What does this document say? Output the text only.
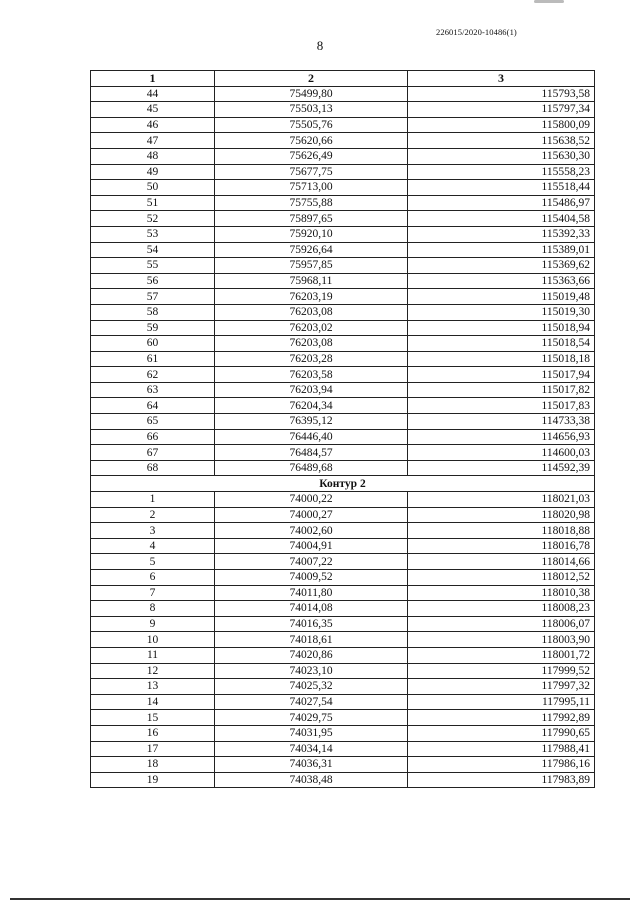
226015/2020-10486(1)
8
1	2	3
44	75499,80	115793,58
45	75503,13	115797,34
46	75505,76	115800,09
47	75620,66	115638,52
48	75626,49	115630,30
49	75677,75	115558,23
50	75713,00	115518,44
51	75755,88	115486,97
52	75897,65	115404,58
53	75920,10	115392,33
54	75926,64	115389,01
55	75957,85	115369,62
56	75968,11	115363,66
57	76203,19	115019,48
58	76203,08	115019,30
59	76203,02	115018,94
60	76203,08	115018,54
61	76203,28	115018,18
62	76203,58	115017,94
63	76203,94	115017,82
64	76204,34	115017,83
65	76395,12	114733,38
66	76446,40	114656,93
67	76484,57	114600,03
68	76489,68	114592,39
Контур 2		
1	74000,22	118021,03
2	74000,27	118020,98
3	74002,60	118018,88
4	74004,91	118016,78
5	74007,22	118014,66
6	74009,52	118012,52
7	74011,80	118010,38
8	74014,08	118008,23
9	74016,35	118006,07
10	74018,61	118003,90
11	74020,86	118001,72
12	74023,10	117999,52
13	74025,32	117997,32
14	74027,54	117995,11
15	74029,75	117992,89
16	74031,95	117990,65
17	74034,14	117988,41
18	74036,31	117986,16
19	74038,48	117983,89
